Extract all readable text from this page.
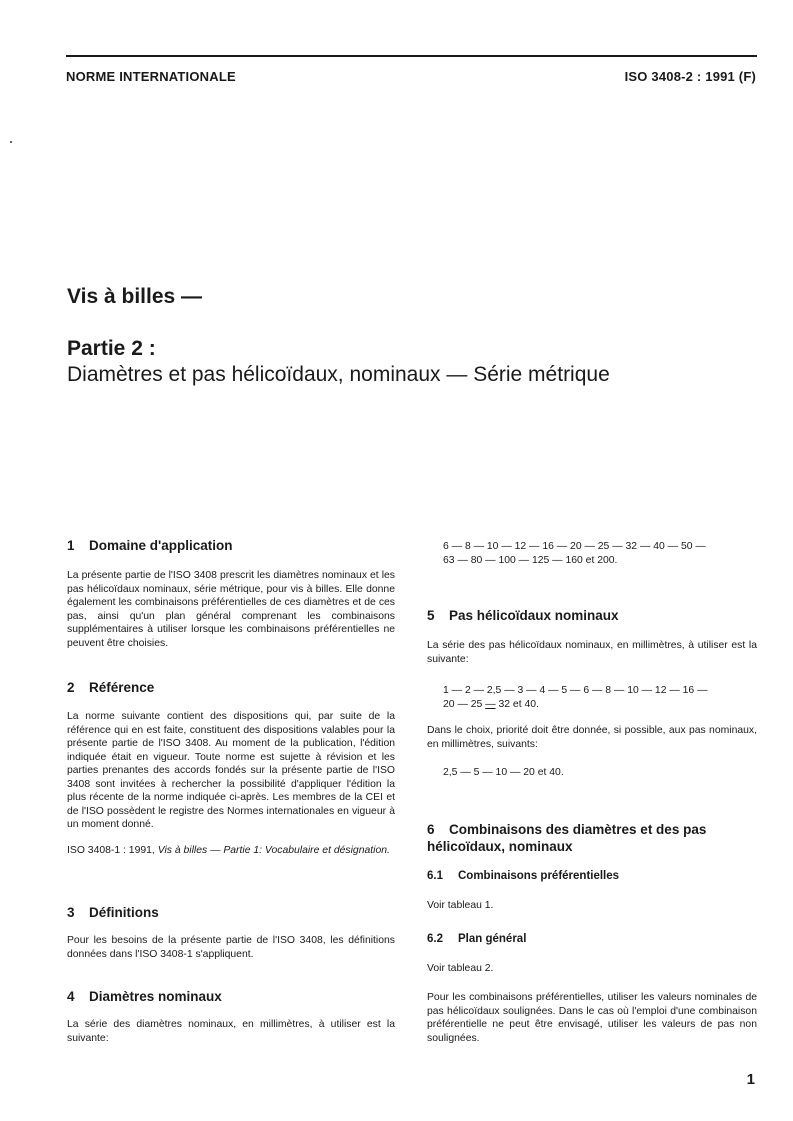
NORME INTERNATIONALE	ISO 3408-2 : 1991 (F)
Vis à billes —
Partie 2 :
Diamètres et pas hélicoïdaux, nominaux — Série métrique
1 Domaine d'application

La présente partie de l'ISO 3408 prescrit les diamètres nominaux et les pas hélicoïdaux nominaux, série métrique, pour vis à billes. Elle donne également les combinaisons préférentielles de ces diamètres et de ces pas, ainsi qu'un plan général comprenant les combinaisons supplémentaires à utiliser lorsque les combinaisons préférentielles ne peuvent être choisies.

2 Référence

La norme suivante contient des dispositions qui, par suite de la référence qui en est faite, constituent des dispositions valables pour la présente partie de l'ISO 3408. Au moment de la publication, l'édition indiquée était en vigueur. Toute norme est sujette à révision et les parties prenantes des accords fondés sur la présente partie de l'ISO 3408 sont invitées à rechercher la possibilité d'appliquer l'édition la plus récente de la norme indiquée ci-après. Les membres de la CEI et de l'ISO possèdent le registre des Normes internationales en vigueur à un moment donné.

ISO 3408-1 : 1991, Vis à billes — Partie 1: Vocabulaire et désignation.

3 Définitions

Pour les besoins de la présente partie de l'ISO 3408, les définitions données dans l'ISO 3408-1 s'appliquent.

4 Diamètres nominaux

La série des diamètres nominaux, en millimètres, à utiliser est la suivante:

6 — 8 — 10 — 12 — 16 — 20 — 25 — 32 — 40 — 50 —

63 — 80 — 100 — 125 — 160 et 200.

5 Pas hélicoïdaux nominaux

La série des pas hélicoïdaux nominaux, en millimètres, à utiliser est la suivante:

1 — 2 — 2,5 — 3 — 4 — 5 — 6 — 8 — 10 — 12 — 16 —

20 — 25 — 32 et 40.

Dans le choix, priorité doit être donnée, si possible, aux pas nominaux, en millimètres, suivants:

2,5 — 5 — 10 — 20 et 40.

6 Combinaisons des diamètres et des pas
hélicoïdaux, nominaux
6.1 Combinaisons préférentielles

Voir tableau 1.

6.2 Plan général

Voir tableau 2.

Pour les combinaisons préférentielles, utiliser les valeurs nominales de pas hélicoïdaux soulignées. Dans le cas où l'emploi d'une combinaison préférentielle ne peut être envisagé, utiliser les valeurs de pas non soulignées.

1
